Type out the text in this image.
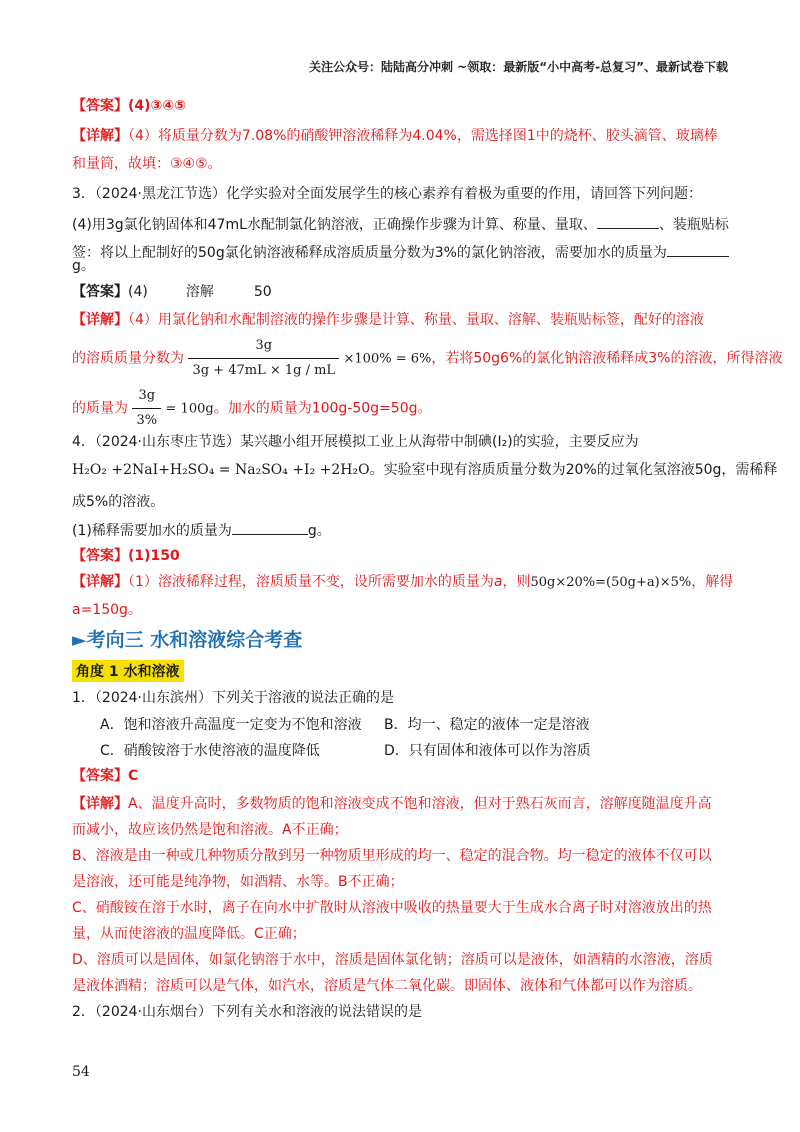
关注公众号：陆陆高分冲刺 ~领取：最新版“小中高考-总复习”、最新试卷下载
【答案】(4)③④⑤
【详解】（4）将质量分数为7.08%的硝酸钾溶液稀释为4.04%，需选择图1中的烧杯、胶头滴管、玻璃棒
和量筒，故填：③④⑤。
3．（2024·黑龙江节选）化学实验对全面发展学生的核心素养有着极为重要的作用，请回答下列问题：
(4)用3g氯化钠固体和47mL水配制氯化钠溶液，正确操作步骤为计算、称量、量取、	、装瓶贴标
签：将以上配制好的50g氯化钠溶液稀释成溶质质量分数为3%的氯化钠溶液，需要加水的质量为
g。
【答案】(4)	溶解	50
【详解】（4）用氯化钠和水配制溶液的操作步骤是计算、称量、量取、溶解、装瓶贴标签，配好的溶液
的溶质质量分数为 $\frac{3g}{3g + 47mL \times 1g / mL} \times 100\% = 6\%$，若将50g6%的氯化钠溶液稀释成3%的溶液，所得溶液
的质量为 $\frac{3g}{3\%} = 100g$。加水的质量为100g-50g=50g。
4．（2024·山东枣庄节选）某兴趣小组开展模拟工业上从海带中制碘(I₂)的实验，主要反应为
H₂O₂ +2NaI+H₂SO₄ = Na₂SO₄ +I₂ +2H₂O。实验室中现有溶质质量分数为20%的过氧化氢溶液50g，需稀释
成5%的溶液。
(1)稀释需要加水的质量为	g。
【答案】(1)150
【详解】（1）溶液稀释过程，溶质质量不变，设所需要加水的质量为a，则50g×20%=(50g+a)×5%，解得
a=150g。
►考向三 水和溶液综合考查
角度 1 水和溶液
1．（2024·山东滨州）下列关于溶液的说法正确的是
A．饱和溶液升高温度一定变为不饱和溶液 B．均一、稳定的液体一定是溶液
C．硝酸铵溶于水使溶液的温度降低	D．只有固体和液体可以作为溶质
【答案】C
【详解】A、温度升高时，多数物质的饱和溶液变成不饱和溶液，但对于熟石灰而言，溶解度随温度升高
而减小，故应该仍然是饱和溶液。A不正确；
B、溶液是由一种或几种物质分散到另一种物质里形成的均一、稳定的混合物。均一稳定的液体不仅可以
是溶液，还可能是纯净物，如酒精、水等。B不正确；
C、硝酸铵在溶于水时，离子在向水中扩散时从溶液中吸收的热量要大于生成水合离子时对溶液放出的热
量，从而使溶液的温度降低。C正确；
D、溶质可以是固体，如氯化钠溶于水中，溶质是固体氯化钠；溶质可以是液体，如酒精的水溶液，溶质
是液体酒精；溶质可以是气体，如汽水，溶质是气体二氧化碳。即固体、液体和气体都可以作为溶质。
2．（2024·山东烟台）下列有关水和溶液的说法错误的是
54
